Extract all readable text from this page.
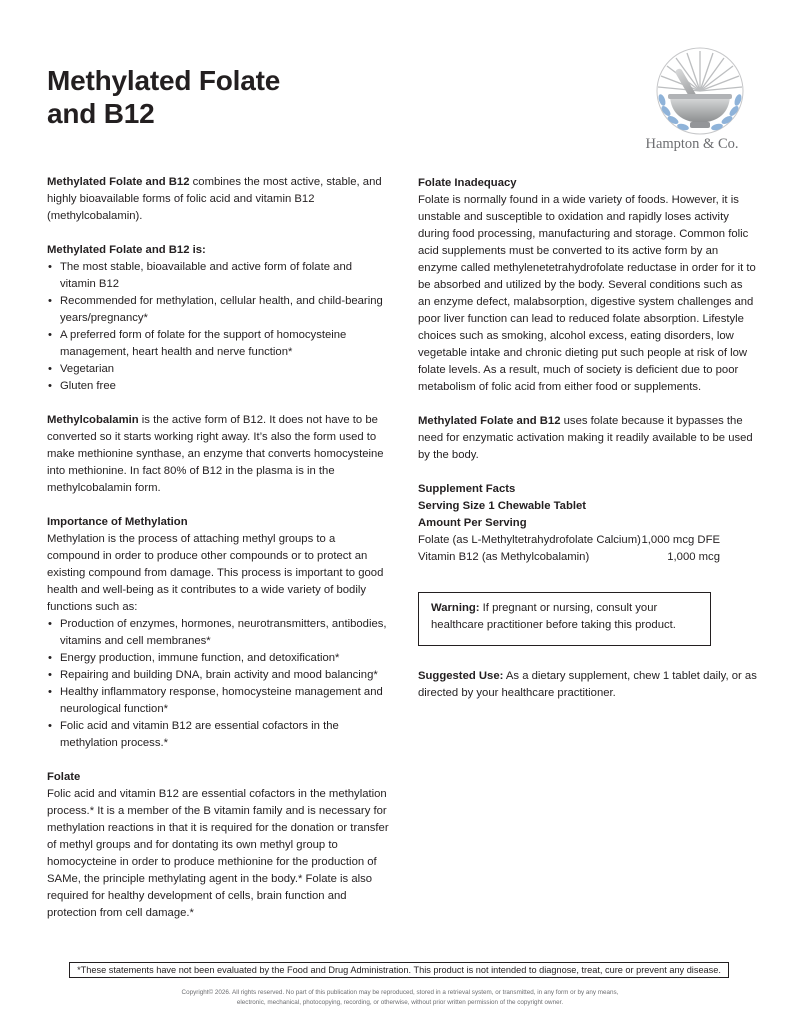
Methylated Folate
and B12
Hampton & Co.

Methylated Folate and B12 combines the most active, stable, and highly bioavailable forms of folic acid and vitamin B12 (methylcobalamin).

Methylated Folate and B12 is:

• The most stable, bioavailable and active form of folate and vitamin B12
• Recommended for methylation, cellular health, and child-bearing years/pregnancy*
• A preferred form of folate for the support of homocysteine management, heart health and nerve function*
• Vegetarian
• Gluten free

Methylcobalamin is the active form of B12. It does not have to be converted so it starts working right away. It’s also the form used to make methionine synthase, an enzyme that converts homocysteine into methionine. In fact 80% of B12 in the plasma is in the methylcobalamin form.

Importance of Methylation

Methylation is the process of attaching methyl groups to a compound in order to produce other compounds or to protect an existing compound from damage. This process is important to good health and well-being as it contributes to a wide variety of bodily functions such as:

• Production of enzymes, hormones, neurotransmitters, antibodies, vitamins and cell membranes*
• Energy production, immune function, and detoxification*
• Repairing and building DNA, brain activity and mood balancing*
• Healthy inflammatory response, homocysteine management and neurological function*
• Folic acid and vitamin B12 are essential cofactors in the methylation process.*

Folate

Folic acid and vitamin B12 are essential cofactors in the methylation process.* It is a member of the B vitamin family and is necessary for methylation reactions in that it is required for the donation or transfer of methyl groups and for dontating its own methyl group to homocycteine in order to produce methionine for the production of SAMe, the principle methylating agent in the body.* Folate is also required for healthy development of cells, brain function and protection from cell damage.*

Folate Inadequacy

Folate is normally found in a wide variety of foods. However, it is unstable and susceptible to oxidation and rapidly loses activity during food processing, manufacturing and storage. Common folic acid supplements must be converted to its active form by an enzyme called methylenetetrahydrofolate reductase in order for it to be absorbed and utilized by the body. Several conditions such as an enzyme defect, malabsorption, digestive system challenges and poor liver function can lead to reduced folate absorption. Lifestyle choices such as smoking, alcohol excess, eating disorders, low vegetable intake and chronic dieting put such people at risk of low folate levels. As a result, much of society is deficient due to poor metabolism of folic acid from either food or supplements.

Methylated Folate and B12 uses folate because it bypasses the need for enzymatic activation making it readily available to be used by the body.

Supplement Facts

Serving Size 1 Chewable Tablet

Amount Per Serving

Folate (as L-Methyltetrahydrofolate Calcium) 1,000 mcg DFE
Vitamin B12 (as Methylcobalamin)	1,000 mcg
Warning: If pregnant or nursing, consult your healthcare practitioner before taking this product.
Suggested Use: As a dietary supplement, chew 1 tablet daily, or as directed by your healthcare practitioner.
*These statements have not been evaluated by the Food and Drug Administration. This product is not intended to diagnose, treat, cure or prevent any disease.
Copyright© 2026. All rights reserved. No part of this publication may be reproduced, stored in a retrieval system, or transmitted, in any form or by any means,
electronic, mechanical, photocopying, recording, or otherwise, without prior written permission of the copyright owner.
